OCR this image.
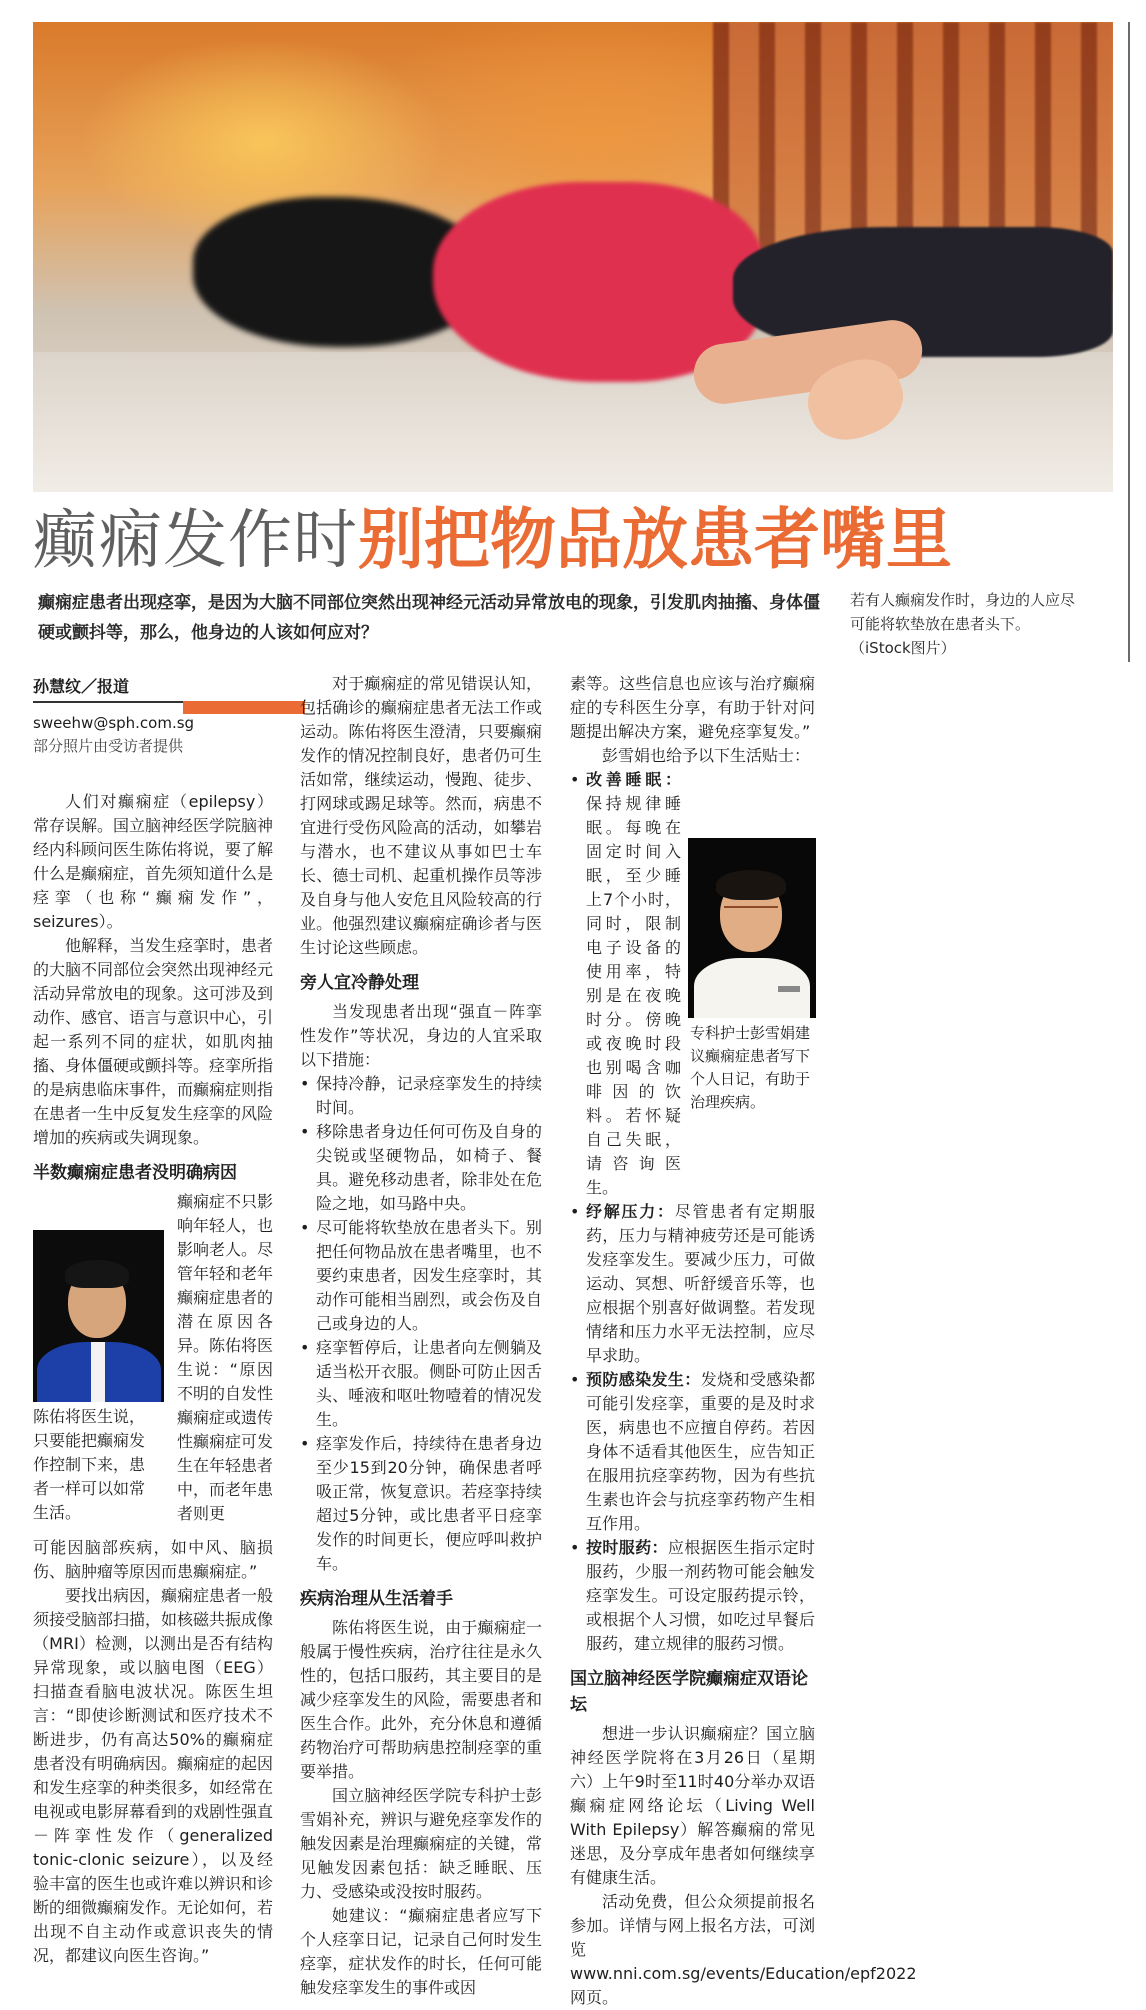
癫痫发作时别把物品放患者嘴里
癫痫症患者出现痉挛，是因为大脑不同部位突然出现神经元活动异常放电的现象，引发肌肉抽搐、身体僵硬或颤抖等，那么，他身边的人该如何应对？
若有人癫痫发作时，身边的人应尽可能将软垫放在患者头下。（iStock图片）
孙慧纹／报道
sweehw@sph.com.sg
部分照片由受访者提供

人们对癫痫症（epilepsy）常存误解。国立脑神经医学院脑神经内科顾问医生陈佑将说，要了解什么是癫痫症，首先须知道什么是痉挛（也称“癫痫发作”，seizures）。

他解释，当发生痉挛时，患者的大脑不同部位会突然出现神经元活动异常放电的现象。这可涉及到动作、感官、语言与意识中心，引起一系列不同的症状，如肌肉抽搐、身体僵硬或颤抖等。痉挛所指的是病患临床事件，而癫痫症则指在患者一生中反复发生痉挛的风险增加的疾病或失调现象。

半数癫痫症患者没明确病因
癫痫症不只影响年轻人，也影响老人。尽管年轻和老年癫痫症患者的潜在原因各异。陈佑将医生说：“原因不明的自发性癫痫症或遗传性癫痫症可发生在年轻患者中，而老年患者则更
陈佑将医生说，只要能把癫痫发作控制下来，患者一样可以如常生活。

可能因脑部疾病，如中风、脑损伤、脑肿瘤等原因而患癫痫症。”

要找出病因，癫痫症患者一般须接受脑部扫描，如核磁共振成像（MRI）检测，以测出是否有结构异常现象，或以脑电图（EEG）扫描查看脑电波状况。陈医生坦言：“即使诊断测试和医疗技术不断进步，仍有高达50%的癫痫症患者没有明确病因。癫痫症的起因和发生痉挛的种类很多，如经常在电视或电影屏幕看到的戏剧性强直－阵挛性发作（generalized tonic-clonic seizure），以及经验丰富的医生也或许难以辨识和诊断的细微癫痫发作。无论如何，若出现不自主动作或意识丧失的情况，都建议向医生咨询。”

对于癫痫症的常见错误认知，包括确诊的癫痫症患者无法工作或运动。陈佑将医生澄清，只要癫痫发作的情况控制良好，患者仍可生活如常，继续运动，慢跑、徒步、打网球或踢足球等。然而，病患不宜进行受伤风险高的活动，如攀岩与潜水，也不建议从事如巴士车长、德士司机、起重机操作员等涉及自身与他人安危且风险较高的行业。他强烈建议癫痫症确诊者与医生讨论这些顾虑。

旁人宜冷静处理

当发现患者出现“强直－阵挛性发作”等状况，身边的人宜采取以下措施：

• 保持冷静，记录痉挛发生的持续时间。
• 移除患者身边任何可伤及自身的尖锐或坚硬物品，如椅子、餐具。避免移动患者，除非处在危险之地，如马路中央。
• 尽可能将软垫放在患者头下。别把任何物品放在患者嘴里，也不要约束患者，因发生痉挛时，其动作可能相当剧烈，或会伤及自己或身边的人。
• 痉挛暂停后，让患者向左侧躺及适当松开衣服。侧卧可防止因舌头、唾液和呕吐物噎着的情况发生。
• 痉挛发作后，持续待在患者身边至少15到20分钟，确保患者呼吸正常，恢复意识。若痉挛持续超过5分钟，或比患者平日痉挛发作的时间更长，便应呼叫救护车。
疾病治理从生活着手

陈佑将医生说，由于癫痫症一般属于慢性疾病，治疗往往是永久性的，包括口服药，其主要目的是减少痉挛发生的风险，需要患者和医生合作。此外，充分休息和遵循药物治疗可帮助病患控制痉挛的重要举措。

国立脑神经医学院专科护士彭雪娟补充，辨识与避免痉挛发作的触发因素是治理癫痫症的关键，常见触发因素包括：缺乏睡眠、压力、受感染或没按时服药。

她建议：“癫痫症患者应写下个人痉挛日记，记录自己何时发生痉挛，症状发作的时长，任何可能触发痉挛发生的事件或因

素等。这些信息也应该与治疗癫痫症的专科医生分享，有助于针对问题提出解决方案，避免痉挛复发。”

彭雪娟也给予以下生活贴士：

• 改善睡眠：保持规律睡眠。每晚在固定时间入眠，至少睡上7个小时，同时，限制电子设备的使用率，特别是在夜晚时分。傍晚或夜晚时段也别喝含咖啡因的饮料。若怀疑自己失眠，请咨询医生。
• 纾解压力：尽管患者有定期服药，压力与精神疲劳还是可能诱发痉挛发生。要减少压力，可做运动、冥想、听舒缓音乐等，也应根据个别喜好做调整。若发现情绪和压力水平无法控制，应尽早求助。
• 预防感染发生：发烧和受感染都可能引发痉挛，重要的是及时求医，病患也不应擅自停药。若因身体不适看其他医生，应告知正在服用抗痉挛药物，因为有些抗生素也许会与抗痉挛药物产生相互作用。
• 按时服药：应根据医生指示定时服药，少服一剂药物可能会触发痉挛发生。可设定服药提示铃，或根据个人习惯，如吃过早餐后服药，建立规律的服药习惯。
国立脑神经医学院癫痫症双语论坛

想进一步认识癫痫症？国立脑神经医学院将在3月26日（星期六）上午9时至11时40分举办双语癫痫症网络论坛（Living Well With Epilepsy）解答癫痫的常见迷思，及分享成年患者如何继续享有健康生活。

活动免费，但公众须提前报名参加。详情与网上报名方法，可浏览www.nni.com.sg/events/Education/epf2022网页。

专科护士彭雪娟建议癫痫症患者写下个人日记，有助于治理疾病。
